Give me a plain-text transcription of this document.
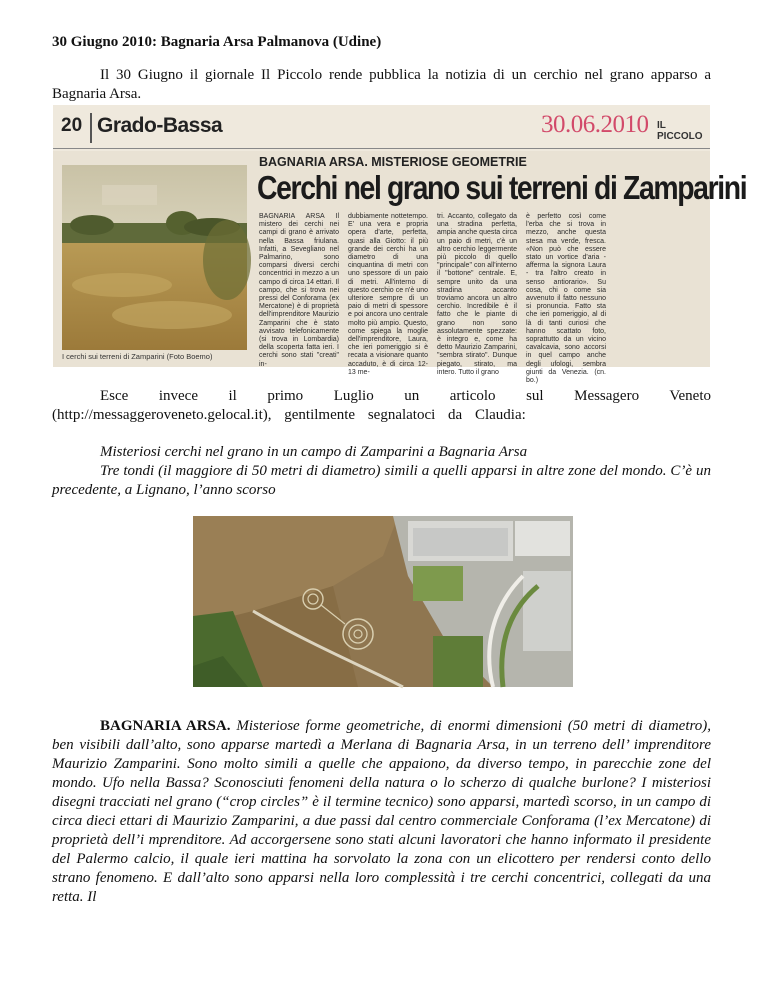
30 Giugno 2010: Bagnaria Arsa Palmanova (Udine)
Il 30 Giugno il giornale Il Piccolo rende pubblica la notizia di un cerchio nel grano apparso a Bagnaria Arsa.
20 Grado-Bassa	30.06.2010 IL PICCOLO
I cerchi sui terreni di Zamparini (Foto Boemo)
BAGNARIA ARSA. MISTERIOSE GEOMETRIE
Cerchi nel grano sui terreni di Zamparini
BAGNARIA ARSA Il mistero dei cerchi nei campi di grano è arrivato nella Bassa friulana. Infatti, a Sevegliano nel Palmarino, sono comparsi diversi cerchi concentrici in mezzo a un campo di circa 14 ettari. Il campo, che si trova nei pressi del Conforama (ex Mercatone) è di proprietà dell'imprenditore Maurizio Zamparini che è stato avvisato telefonicamente (si trova in Lombardia) della scoperta fatta ieri. I cerchi sono stati "creati" in-
dubbiamente nottetempo. E' una vera e propria opera d'arte, perfetta, quasi alla Giotto: il più grande dei cerchi ha un diametro di una cinquantina di metri con uno spessore di un paio di metri. All'interno di questo cerchio ce n'è uno ulteriore sempre di un paio di metri di spessore e poi ancora uno centrale molto più ampio. Questo, come spiega la moglie dell'imprenditore, Laura, che ieri pomeriggio si è recata a visionare quanto accaduto, è di circa 12-13 me-
tri. Accanto, collegato da una stradina perfetta, ampia anche questa circa un paio di metri, c'è un altro cerchio leggermente più piccolo di quello "principale" con all'interno il "bottone" centrale. E, sempre unito da una stradina accanto troviamo ancora un altro cerchio. Incredibile è il fatto che le piante di grano non sono assolutamente spezzate: è integro e, come ha detto Maurizio Zamparini, "sembra stirato". Dunque piegato, stirato, ma intero. Tutto il grano
è perfetto così come l'erba che si trova in mezzo, anche questa stesa ma verde, fresca. «Non può che essere stato un vortice d'aria - afferma la signora Laura - tra l'altro creato in senso antiorario». Su cosa, chi o come sia avvenuto il fatto nessuno si pronuncia. Fatto sta che ieri pomeriggio, al di là di tanti curiosi che hanno scattato foto, soprattutto da un vicino cavalcavia, sono accorsi in quel campo anche degli ufologi, sembra giunti da Venezia. (cn. bo.)
Esce invece il primo Luglio un articolo sul Messagero Veneto (http://messaggeroveneto.gelocal.it), gentilmente segnalatoci da Claudia:
Misteriosi cerchi nel grano in un campo di Zamparini a Bagnaria Arsa
Tre tondi (il maggiore di 50 metri di diametro) simili a quelli apparsi in altre zone del mondo. C’è un precedente, a Lignano, l’anno scorso
BAGNARIA ARSA. Misteriose forme geometriche, di enormi dimensioni (50 metri di diametro), ben visibili dall’alto, sono apparse martedì a Merlana di Bagnaria Arsa, in un terreno dell’ imprenditore Maurizio Zamparini. Sono molto simili a quelle che appaiono, da diverso tempo, in parecchie zone del mondo. Ufo nella Bassa? Sconosciuti fenomeni della natura o lo scherzo di qualche burlone? I misteriosi disegni tracciati nel grano (“crop circles” è il termine tecnico) sono apparsi, martedì scorso, in un campo di circa dieci ettari di Maurizio Zamparini, a due passi dal centro commerciale Conforama (l’ex Mercatone) di proprietà dell’i mprenditore. Ad accorgersene sono stati alcuni lavoratori che hanno informato il presidente del Palermo calcio, il quale ieri mattina ha sorvolato la zona con un elicottero per rendersi conto dello strano fenomeno. E dall’alto sono apparsi nella loro complessità i tre cerchi concentrici, collegati da una retta. Il
